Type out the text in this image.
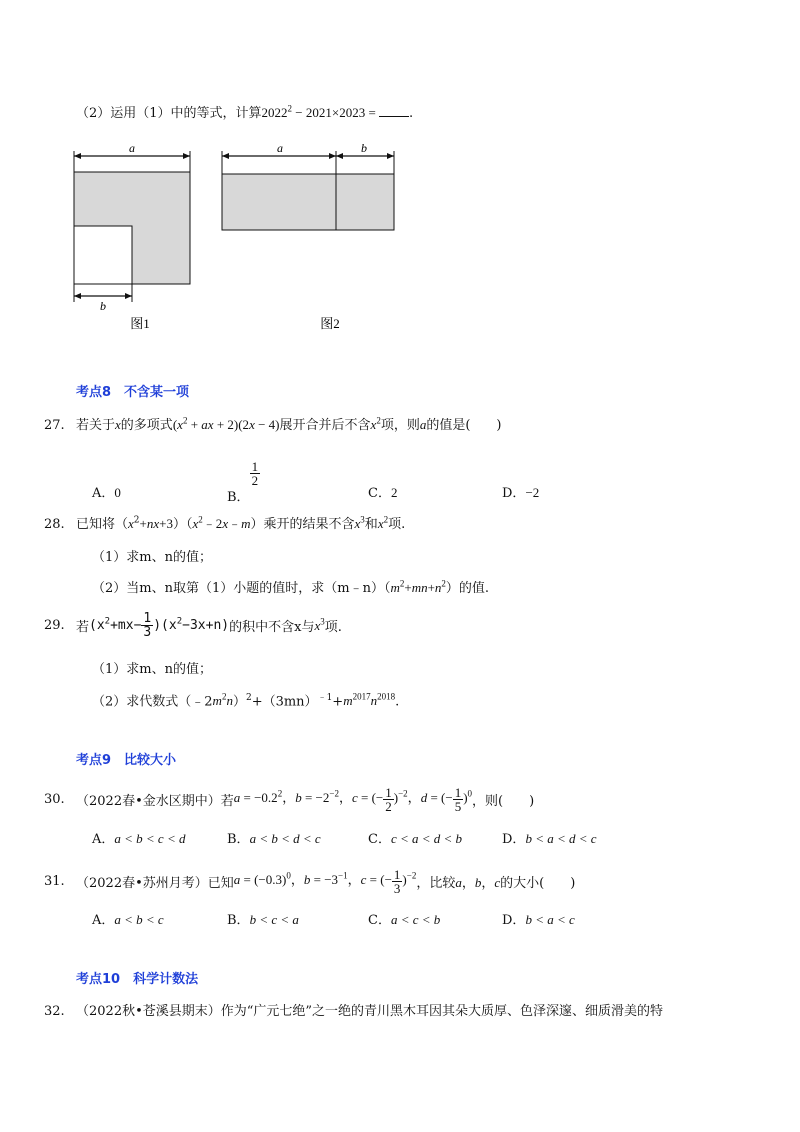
（2）运用（1）中的等式，计算$2022^2 - 2021\times 2023$ = .
a
b
图1
a	b
图2
考点8　不含某一项
27. 若关于x的多项式($x^2$ + ax + 2)(2x − 4)展开合并后不含$x^2$项，则a的值是(　　)
A．0	B．
$\frac{1}{2}$
C．2	D．−2
28. 已知将$(x^2+nx+3)(x^2﹣2x﹣m)$乘开的结果不含$x^3$和$x^2$项.
（1）求m、n的值；
（2）当m、n取第（1）小题的值时，求$(m﹣n)(m^2+mn+n^2)$的值.
29. 若$(x^2+mx- \frac{1}{3} )(x^2-3x+n)$的积中不含x与$x^3$项.
（1）求m、n的值；
（2）求代数式$(﹣2m^2n)^2+(3mn)^{﹣1}+m^{2017}n^{2018}$.
考点9　比较大小
30. （2022春•金水区期中）若$a = -0.2^2$，$b = -2^{-2}$，c = (− $\frac{1}{2} )^{-2}$，d = (− $\frac{1}{5} )^0$，则(　　)
A．a < b < c < d	B．a < b < d < c	C．c < a < d < b	D．b < a < d < c
31. （2022春•苏州月考）已知$a = (-0.3)^0$，$b = -3^{-1}$，c = (− $\frac{1}{3} )^{-2}$，比较a，b，c的大小(　　)
A．a < b < c	B．b < c < a	C．a < c < b	D．b < a < c
考点10　科学计数法
32. （2022秋•苍溪县期末）作为“广元七绝”之一绝的青川黑木耳因其朵大质厚、色泽深邃、细质滑美的特
